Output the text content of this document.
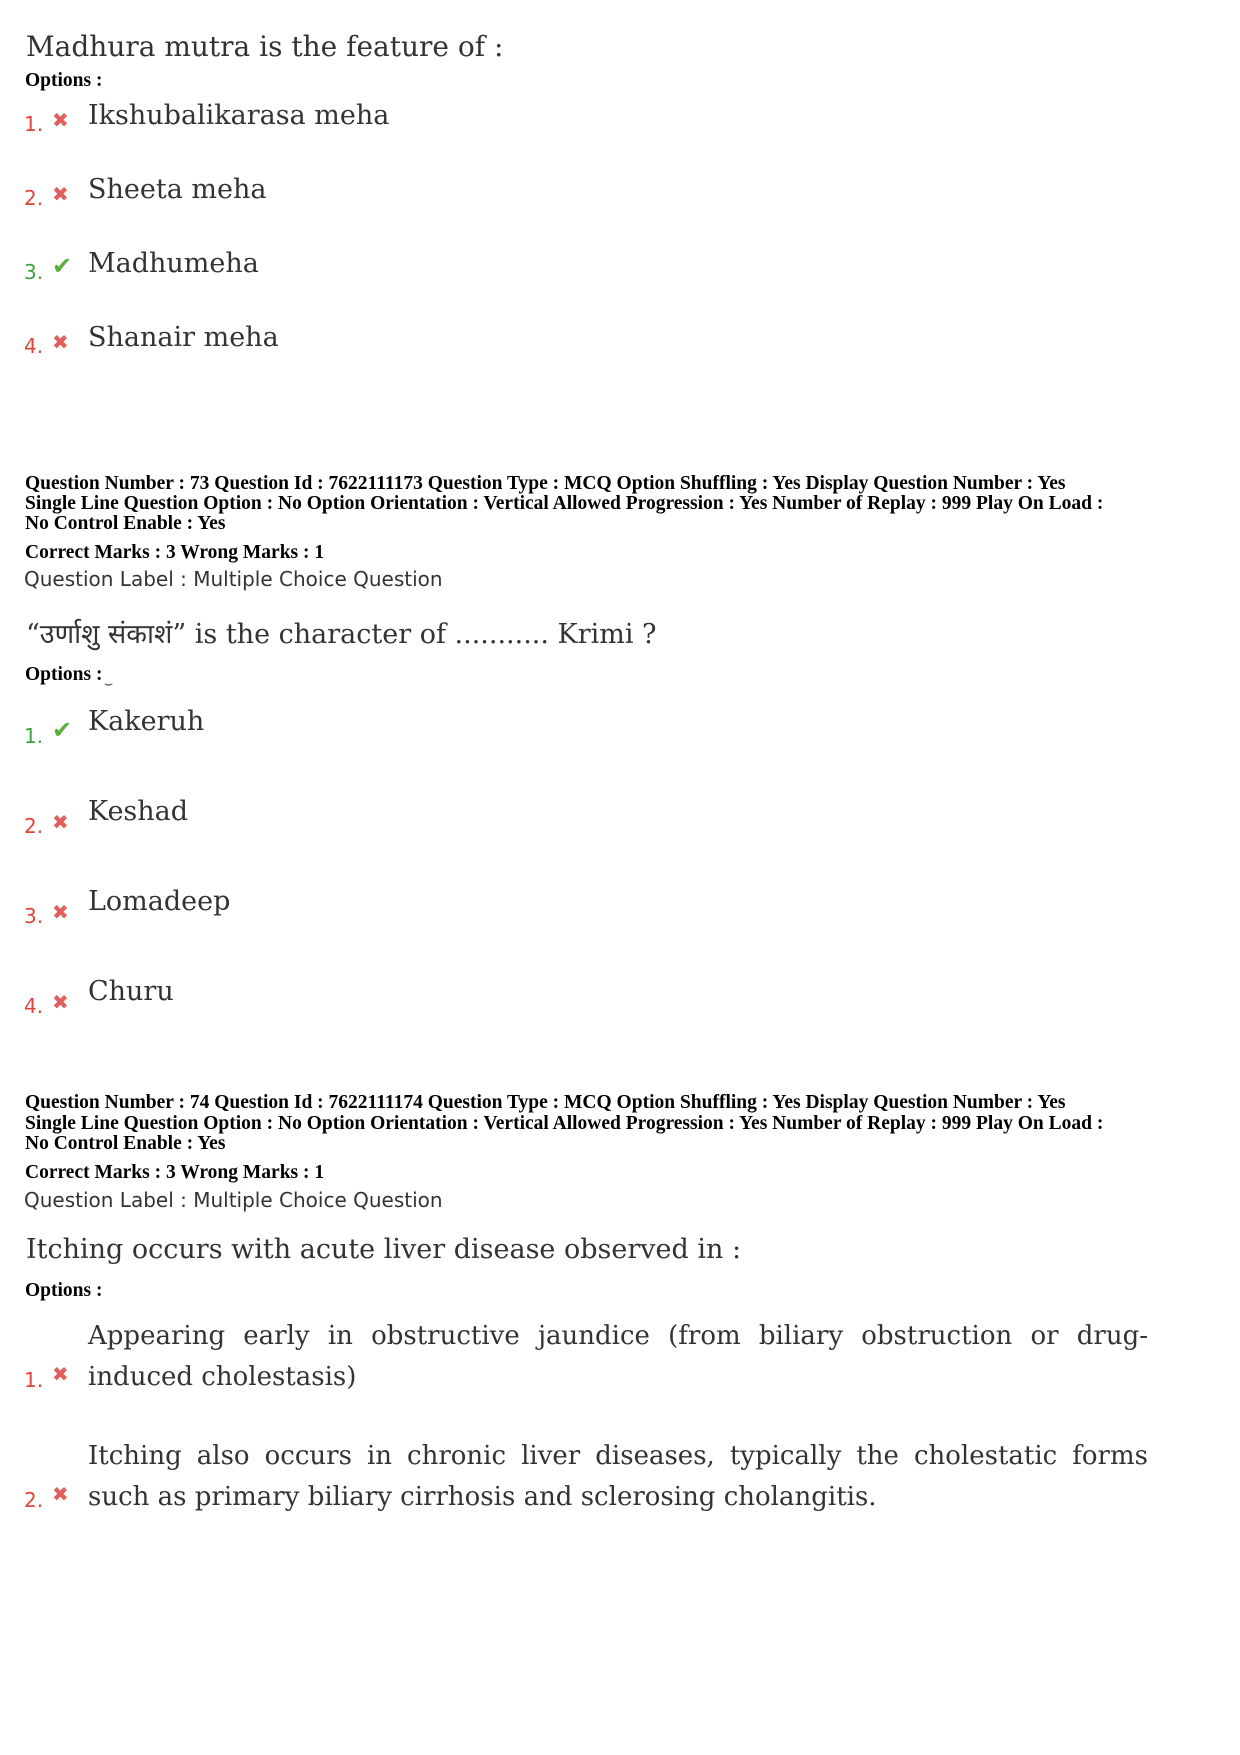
Madhura mutra is the feature of :
Options :
1. ✖ Ikshubalikarasa meha
2. ✖ Sheeta meha
3. ✔ Madhumeha
4. ✖ Shanair meha
Question Number : 73 Question Id : 7622111173 Question Type : MCQ Option Shuffling : Yes Display Question Number : Yes
Single Line Question Option : No Option Orientation : Vertical Allowed Progression : Yes Number of Replay : 999 Play On Load :
No Control Enable : Yes
Correct Marks : 3 Wrong Marks : 1
Question Label : Multiple Choice Question
“उर्णाशु संकाशं” is the character of ........... Krimi ?
Options : ⌣
1. ✔ Kakeruh
2. ✖ Keshad
3. ✖ Lomadeep
4. ✖ Churu
Question Number : 74 Question Id : 7622111174 Question Type : MCQ Option Shuffling : Yes Display Question Number : Yes
Single Line Question Option : No Option Orientation : Vertical Allowed Progression : Yes Number of Replay : 999 Play On Load :
No Control Enable : Yes
Correct Marks : 3 Wrong Marks : 1
Question Label : Multiple Choice Question
Itching occurs with acute liver disease observed in :
Options :
1. ✖
Appearing early in obstructive jaundice (from biliary obstruction or drug-induced cholestasis)
2. ✖
Itching also occurs in chronic liver diseases, typically the cholestatic forms such as primary biliary cirrhosis and sclerosing cholangitis.
